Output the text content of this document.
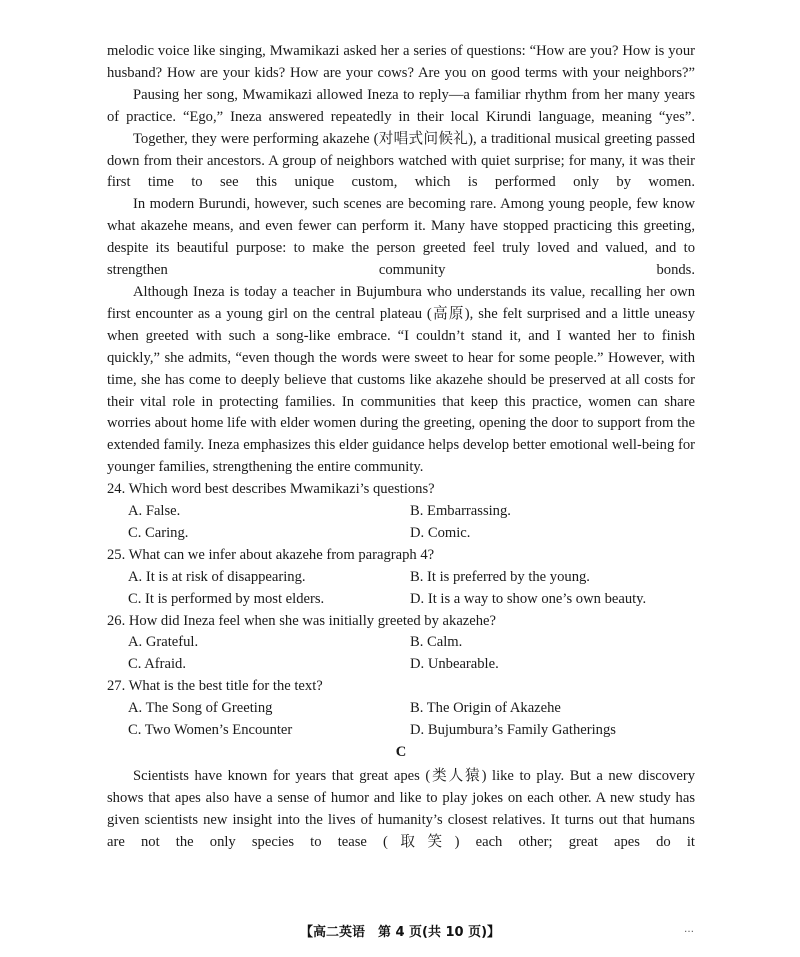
melodic voice like singing, Mwamikazi asked her a series of questions: “How are you? How is your husband? How are your kids? How are your cows? Are you on good terms with your neighbors?”

Pausing her song, Mwamikazi allowed Ineza to reply—a familiar rhythm from her many years of practice. “Ego,” Ineza answered repeatedly in their local Kirundi language, meaning “yes”.

Together, they were performing akazehe (对唱式问候礼), a traditional musical greeting passed down from their ancestors. A group of neighbors watched with quiet surprise; for many, it was their first time to see this unique custom, which is performed only by women.

In modern Burundi, however, such scenes are becoming rare. Among young people, few know what akazehe means, and even fewer can perform it. Many have stopped practicing this greeting, despite its beautiful purpose: to make the person greeted feel truly loved and valued, and to strengthen community bonds.

Although Ineza is today a teacher in Bujumbura who understands its value, recalling her own first encounter as a young girl on the central plateau (高原), she felt surprised and a little uneasy when greeted with such a song-like embrace. “I couldn’t stand it, and I wanted her to finish quickly,” she admits, “even though the words were sweet to hear for some people.” However, with time, she has come to deeply believe that customs like akazehe should be preserved at all costs for their vital role in protecting families. In communities that keep this practice, women can share worries about home life with elder women during the greeting, opening the door to support from the extended family. Ineza emphasizes this elder guidance helps develop better emotional well-being for younger families, strengthening the entire community.

24. Which word best describes Mwamikazi’s questions?
A. False.	B. Embarrassing.
C. Caring.	D. Comic.
25. What can we infer about akazehe from paragraph 4?
A. It is at risk of disappearing.	B. It is preferred by the young.
C. It is performed by most elders.	D. It is a way to show one’s own beauty.
26. How did Ineza feel when she was initially greeted by akazehe?
A. Grateful.	B. Calm.
C. Afraid.	D. Unbearable.
27. What is the best title for the text?
A. The Song of Greeting	B. The Origin of Akazehe
C. Two Women’s Encounter	D. Bujumbura’s Family Gatherings
C

Scientists have known for years that great apes (类人猿) like to play. But a new discovery shows that apes also have a sense of humor and like to play jokes on each other. A new study has given scientists new insight into the lives of humanity’s closest relatives. It turns out that humans are not the only species to tease (取笑) each other; great apes do it

【高二英语　第 4 页(共 10 页)】	…
